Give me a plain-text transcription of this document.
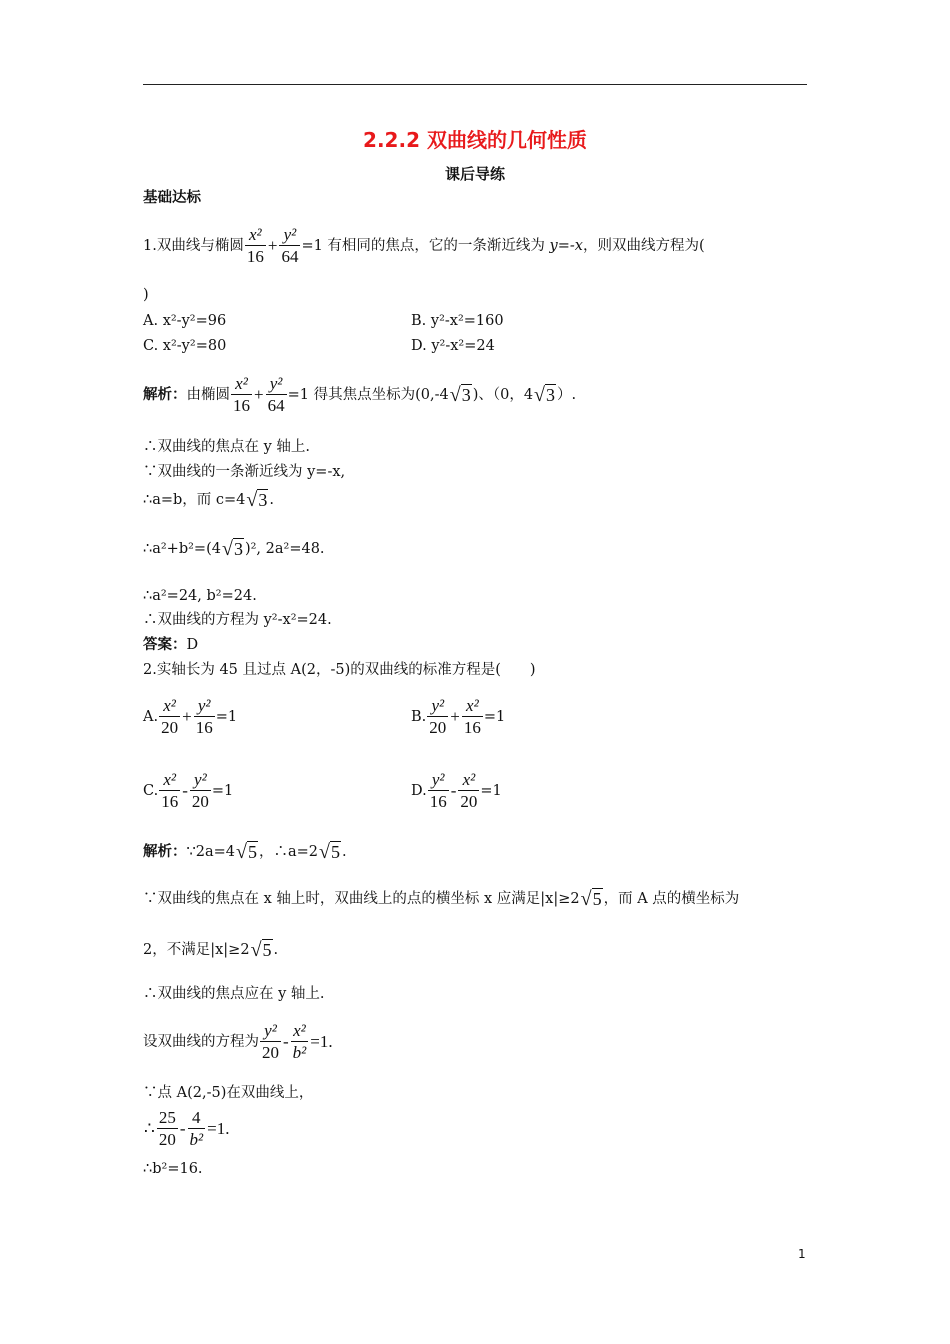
2.2.2 双曲线的几何性质
课后导练
基础达标
1.双曲线与椭圆 $\frac{\text{x²}}{16} + \frac{\text{y²}}{64} =1$ 有相同的焦点，它的一条渐近线为 y=-x，则双曲线方程为(
)
A. x²-y²=96	B. y²-x²=160
C. x²-y²=80	D. y²-x²=24
解析：由椭圆 $\frac{\text{x²}}{16} + \frac{\text{y²}}{64} =1$ 得其焦点坐标为(0,-4√3 )、（0，4√3 ）.
∴双曲线的焦点在 y 轴上.
∵双曲线的一条渐近线为 y=-x,
∴a=b，而 c=4√3 .
∴a²+b²=(4√3 )², 2a²=48.
∴a²=24, b²=24.
∴双曲线的方程为 y²-x²=24.
答案：D
2.实轴长为 45 且过点 A(2，-5)的双曲线的标准方程是(　　)
A. $\frac{\text{x²}}{20} + \frac{\text{y²}}{16} =1$	B. $\frac{\text{y²}}{20} + \frac{\text{x²}}{16} =1$
C. $\frac{\text{x²}}{16} - \frac{\text{y²}}{20} =1$	D. $\frac{\text{y²}}{16} - \frac{\text{x²}}{20} =1$
解析：∵2a=4√5 ，∴a=2√5 .
∵双曲线的焦点在 x 轴上时，双曲线上的点的横坐标 x 应满足|x|≥2√5 ，而 A 点的横坐标为
2，不满足|x|≥2√5 .
∴双曲线的焦点应在 y 轴上.
设双曲线的方程为 $\frac{\text{y²}}{20} - \frac{\text{x²}}{\text{b²}} =1$.
∵点 A(2,-5)在双曲线上，
∴ $\frac{25}{20} - \frac{4}{\text{b²}} =1$.
∴b²=16.
1
